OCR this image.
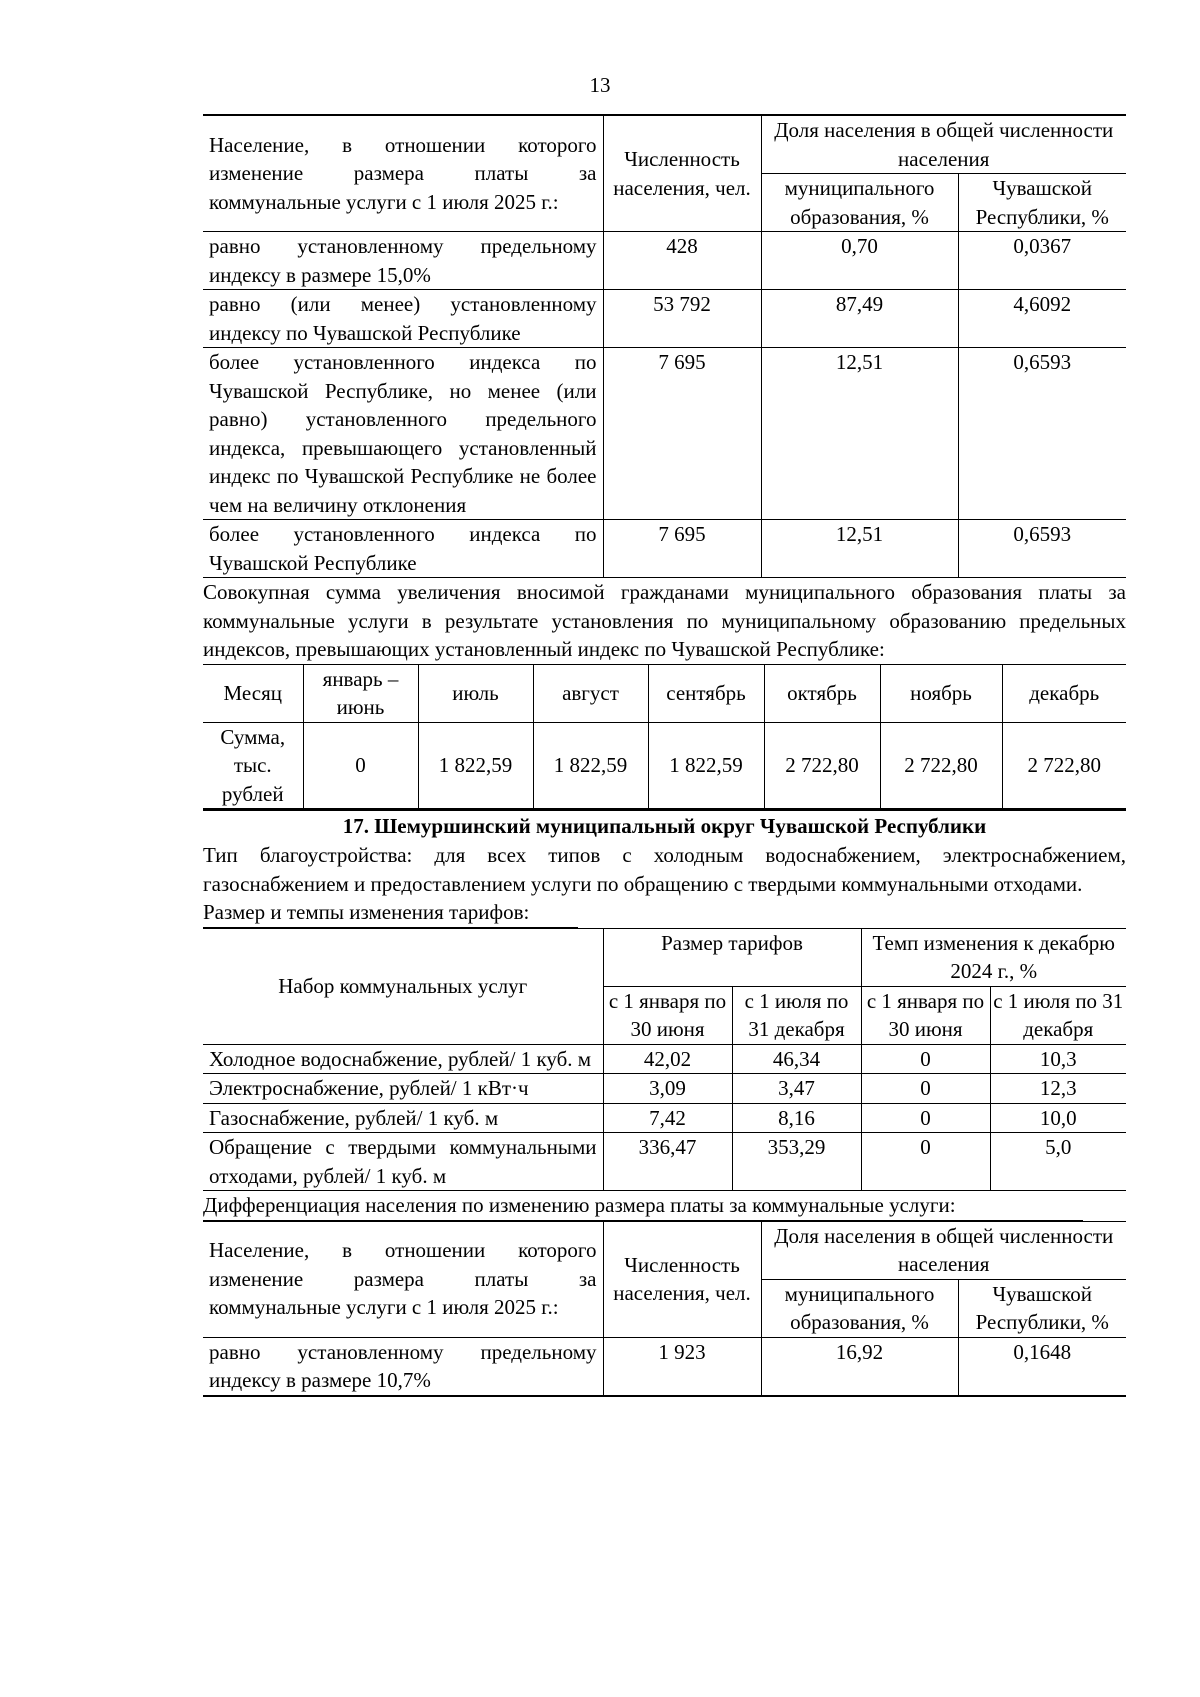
13
Население, в отношении которого изменение размера платы за коммунальные услуги с 1 июля 2025 г.:	Численность населения, чел.	Доля населения в общей численности населения	
		муниципального образования, %	Чувашской Республики, %
равно установленному предельному индексу в размере 15,0%	428	0,70	0,0367
равно (или менее) установленному индексу по Чувашской Республике	53 792	87,49	4,6092
более установленного индекса по Чувашской Республике, но менее (или равно) установленного предельного индекса, превышающего установленный индекс по Чувашской Республике не более чем на величину отклонения	7 695	12,51	0,6593
более установленного индекса по Чувашской Республике	7 695	12,51	0,6593

Совокупная сумма увеличения вносимой гражданами муниципального образования платы за коммунальные услуги в результате установления по муниципальному образованию предельных индексов, превышающих установленный индекс по Чувашской Республике:

Месяц	январь – июнь	июль	август	сентябрь	октябрь	ноябрь	декабрь
Сумма, тыс. рублей	0	1 822,59	1 822,59	1 822,59	2 722,80	2 722,80	2 722,80
17. Шемуршинский муниципальный округ Чувашской Республики

Тип благоустройства: для всех типов с холодным водоснабжением, электроснабжением, газоснабжением и предоставлением услуги по обращению с твердыми коммунальными отходами.

Размер и темпы изменения тарифов:

Набор коммунальных услуг	Размер тарифов		Темп изменения к декабрю 2024 г., %	
	с 1 января по 30 июня	с 1 июля по 31 декабря	с 1 января по 30 июня	с 1 июля по 31 декабря
Холодное водоснабжение, рублей/ 1 куб. м	42,02	46,34	0	10,3
Электроснабжение, рублей/ 1 кВт·ч	3,09	3,47	0	12,3
Газоснабжение, рублей/ 1 куб. м	7,42	8,16	0	10,0
Обращение с твердыми коммунальными отходами, рублей/ 1 куб. м	336,47	353,29	0	5,0

Дифференциация населения по изменению размера платы за коммунальные услуги:

Население, в отношении которого изменение размера платы за коммунальные услуги с 1 июля 2025 г.:	Численность населения, чел.	Доля населения в общей численности населения	
		муниципального образования, %	Чувашской Республики, %
равно установленному предельному индексу в размере 10,7%	1 923	16,92	0,1648
